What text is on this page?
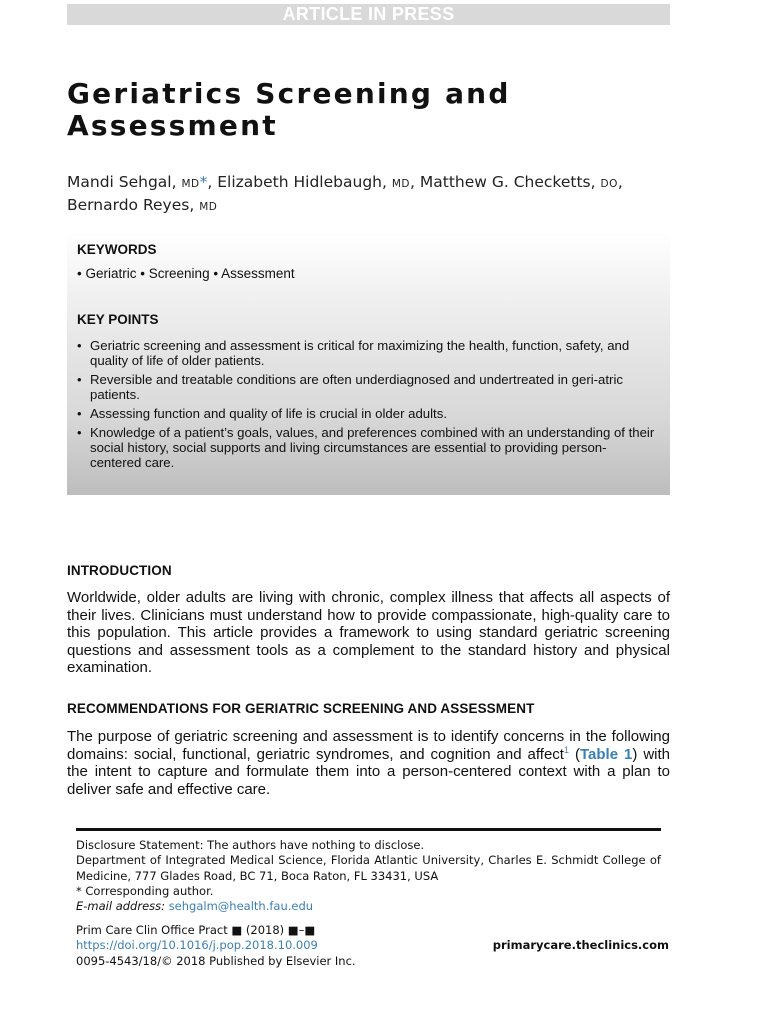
ARTICLE IN PRESS
Geriatrics Screening and
Assessment
Mandi Sehgal, MD*, Elizabeth Hidlebaugh, MD, Matthew G. Checketts, DO,
Bernardo Reyes, MD

KEYWORDS

• Geriatric • Screening • Assessment

KEY POINTS

• Geriatric screening and assessment is critical for maximizing the health, function, safety, and quality of life of older patients.
• Reversible and treatable conditions are often underdiagnosed and undertreated in geri-atric patients.
• Assessing function and quality of life is crucial in older adults.
• Knowledge of a patient’s goals, values, and preferences combined with an understanding of their social history, social supports and living circumstances are essential to providing person-centered care.
INTRODUCTION

Worldwide, older adults are living with chronic, complex illness that affects all aspects of their lives. Clinicians must understand how to provide compassionate, high-quality care to this population. This article provides a framework to using standard geriatric screening questions and assessment tools as a complement to the standard history and physical examination.

RECOMMENDATIONS FOR GERIATRIC SCREENING AND ASSESSMENT

The purpose of geriatric screening and assessment is to identify concerns in the following domains: social, functional, geriatric syndromes, and cognition and affect$^1$ (Table 1) with the intent to capture and formulate them into a person-centered context with a plan to deliver safe and effective care.

Disclosure Statement: The authors have nothing to disclose.

Department of Integrated Medical Science, Florida Atlantic University, Charles E. Schmidt College of Medicine, 777 Glades Road, BC 71, Boca Raton, FL 33431, USA

* Corresponding author.

E-mail address: sehgalm@health.fau.edu

Prim Care Clin Office Pract ■ (2018) ■–■

https://doi.org/10.1016/j.pop.2018.10.009

0095-4543/18/© 2018 Published by Elsevier Inc.

primarycare.theclinics.com
